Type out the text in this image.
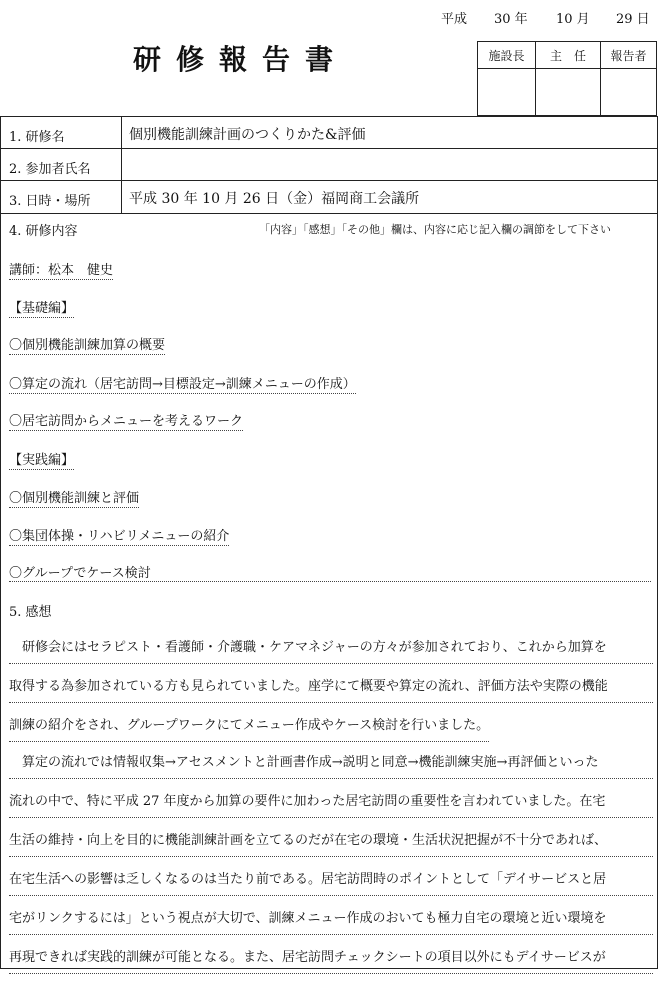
平成 30 年 10 月 29 日
研修報告書	施設長	主　任	報告者

1. 研修名	個別機能訓練計画のつくりかた&評価
2. 参加者氏名
3. 日時・場所	平成 30 年 10 月 26 日（金）福岡商工会議所
4. 研修内容	「内容」「感想」「その他」欄は、内容に応じ記入欄の調節をして下さい
講師：松本　健史
【基礎編】
〇個別機能訓練加算の概要
〇算定の流れ（居宅訪問→目標設定→訓練メニューの作成）
〇居宅訪問からメニューを考えるワーク
【実践編】
〇個別機能訓練と評価
〇集団体操・リハビリメニューの紹介
〇グループでケース検討
5. 感想
　研修会にはセラピスト・看護師・介護職・ケアマネジャーの方々が参加されており、これから加算を
取得する為参加されている方も見られていました。座学にて概要や算定の流れ、評価方法や実際の機能
訓練の紹介をされ、グループワークにてメニュー作成やケース検討を行いました。
　算定の流れでは情報収集→アセスメントと計画書作成→説明と同意→機能訓練実施→再評価といった
流れの中で、特に平成 27 年度から加算の要件に加わった居宅訪問の重要性を言われていました。在宅
生活の維持・向上を目的に機能訓練計画を立てるのだが在宅の環境・生活状況把握が不十分であれば、
在宅生活への影響は乏しくなるのは当たり前である。居宅訪問時のポイントとして「デイサービスと居
宅がリンクするには」という視点が大切で、訓練メニュー作成のおいても極力自宅の環境と近い環境を
再現できれば実践的訓練が可能となる。また、居宅訪問チェックシートの項目以外にもデイサービスが
